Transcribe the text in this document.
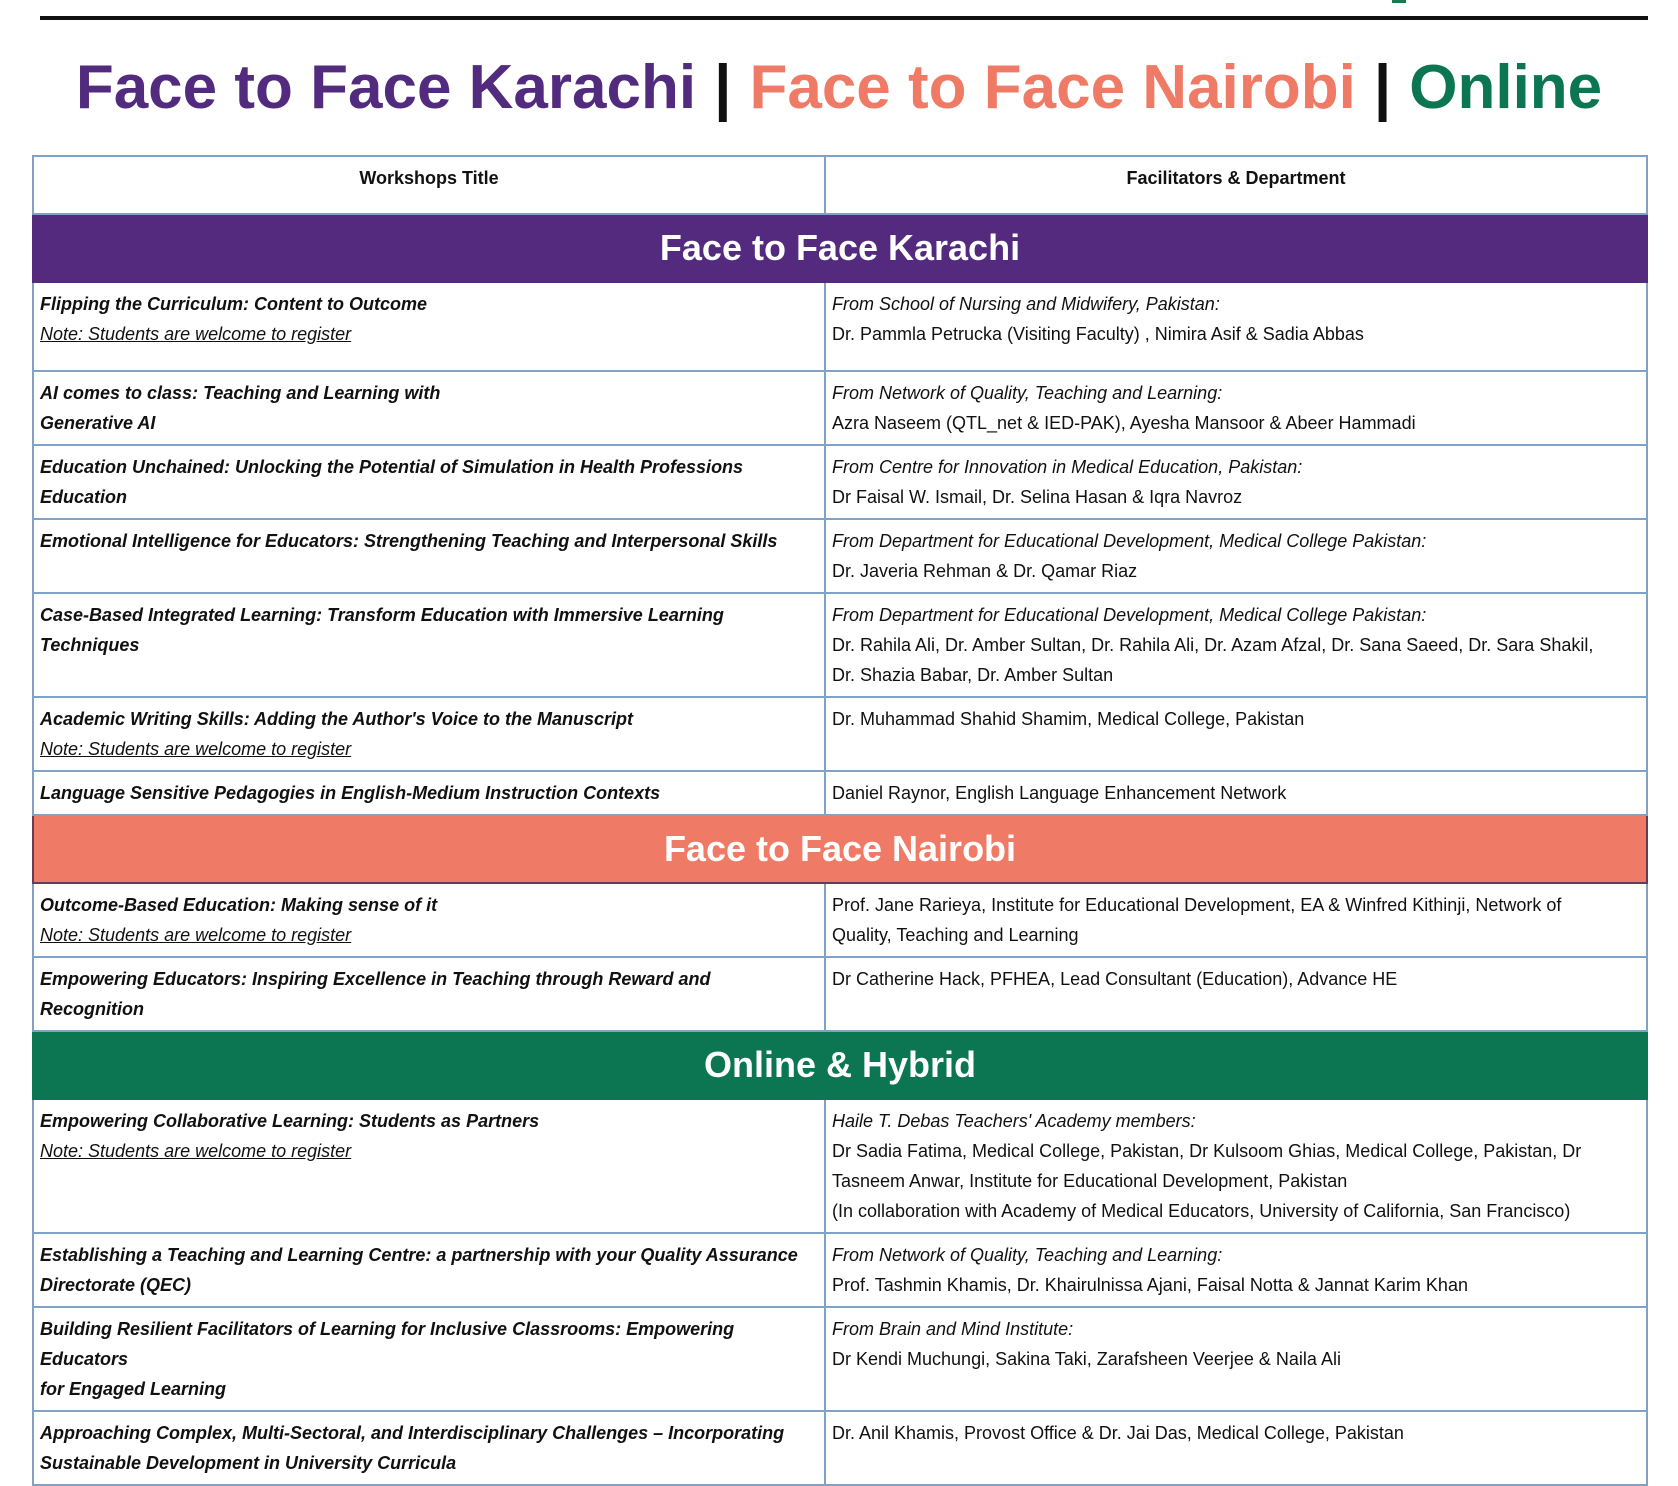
Face to Face Karachi | Face to Face Nairobi | Online
Workshops Title	Facilitators & Department
Face to Face Karachi	

Flipping the Curriculum: Content to Outcome
Note: Students are welcome to register	From School of Nursing and Midwifery, Pakistan:
Dr. Pammla Petrucka (Visiting Faculty) , Nimira Asif & Sadia Abbas

AI comes to class: Teaching and Learning with
Generative AI	From Network of Quality, Teaching and Learning:
Azra Naseem (QTL_net & IED-PAK), Ayesha Mansoor & Abeer Hammadi

Education Unchained: Unlocking the Potential of Simulation in Health Professions
Education	From Centre for Innovation in Medical Education, Pakistan:
Dr Faisal W. Ismail, Dr. Selina Hasan & Iqra Navroz

Emotional Intelligence for Educators: Strengthening Teaching and Interpersonal Skills	From Department for Educational Development, Medical College Pakistan:
Dr. Javeria Rehman & Dr. Qamar Riaz

Case-Based Integrated Learning: Transform Education with Immersive Learning
Techniques	From Department for Educational Development, Medical College Pakistan:
Dr. Rahila Ali, Dr. Amber Sultan, Dr. Rahila Ali, Dr. Azam Afzal, Dr. Sana Saeed, Dr. Sara Shakil,
Dr. Shazia Babar, Dr. Amber Sultan

Academic Writing Skills: Adding the Author's Voice to the Manuscript
Note: Students are welcome to register	Dr. Muhammad Shahid Shamim, Medical College, Pakistan

Language Sensitive Pedagogies in English-Medium Instruction Contexts	Daniel Raynor, English Language Enhancement Network

Face to Face Nairobi	

Outcome-Based Education: Making sense of it
Note: Students are welcome to register	Prof. Jane Rarieya, Institute for Educational Development, EA & Winfred Kithinji, Network of
Quality, Teaching and Learning

Empowering Educators: Inspiring Excellence in Teaching through Reward and Recognition	Dr Catherine Hack, PFHEA, Lead Consultant (Education), Advance HE

Online & Hybrid	

Empowering Collaborative Learning: Students as Partners
Note: Students are welcome to register	Haile T. Debas Teachers' Academy members:
Dr Sadia Fatima, Medical College, Pakistan, Dr Kulsoom Ghias, Medical College, Pakistan, Dr
Tasneem Anwar, Institute for Educational Development, Pakistan
(In collaboration with Academy of Medical Educators, University of California, San Francisco)

Establishing a Teaching and Learning Centre: a partnership with your Quality Assurance
Directorate (QEC)	From Network of Quality, Teaching and Learning:
Prof. Tashmin Khamis, Dr. Khairulnissa Ajani, Faisal Notta & Jannat Karim Khan

Building Resilient Facilitators of Learning for Inclusive Classrooms: Empowering Educators
for Engaged Learning	From Brain and Mind Institute:
Dr Kendi Muchungi, Sakina Taki, Zarafsheen Veerjee & Naila Ali

Approaching Complex, Multi-Sectoral, and Interdisciplinary Challenges – Incorporating
Sustainable Development in University Curricula	Dr. Anil Khamis, Provost Office & Dr. Jai Das, Medical College, Pakistan
